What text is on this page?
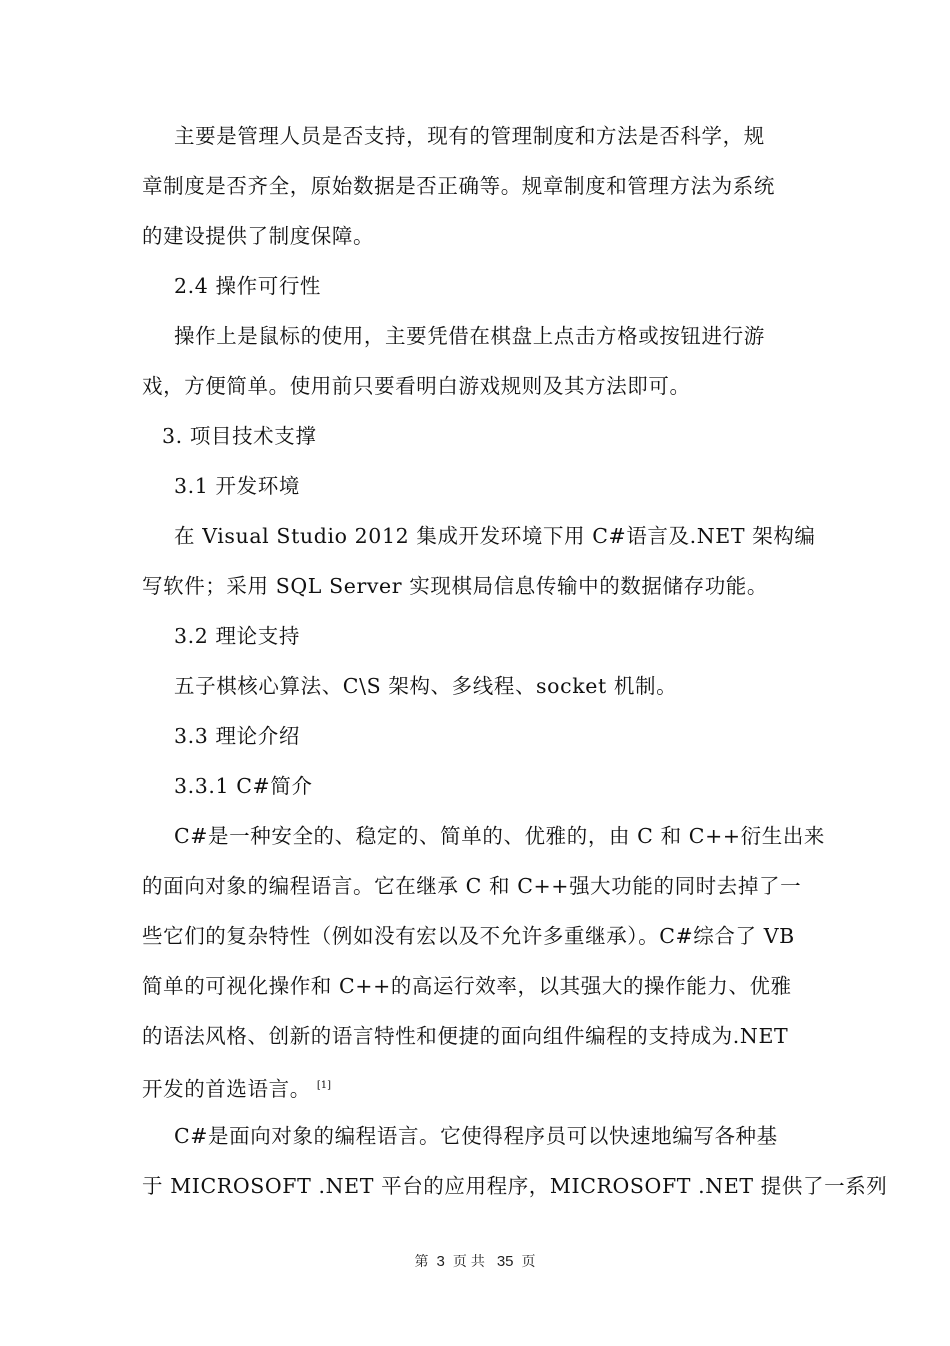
主要是管理人员是否支持，现有的管理制度和方法是否科学，规
章制度是否齐全，原始数据是否正确等。规章制度和管理方法为系统
的建设提供了制度保障。
2.4 操作可行性
操作上是鼠标的使用，主要凭借在棋盘上点击方格或按钮进行游
戏，方便简单。使用前只要看明白游戏规则及其方法即可。
3. 项目技术支撑
3.1 开发环境
在 Visual Studio 2012 集成开发环境下用 C#语言及.NET 架构编
写软件；采用 SQL Server 实现棋局信息传输中的数据储存功能。
3.2 理论支持
五子棋核心算法、C\S 架构、多线程、socket 机制。
3.3 理论介绍
3.3.1 C#简介
C#是一种安全的、稳定的、简单的、优雅的，由 C 和 C++衍生出来
的面向对象的编程语言。它在继承 C 和 C++强大功能的同时去掉了一
些它们的复杂特性（例如没有宏以及不允许多重继承）。C#综合了 VB
简单的可视化操作和 C++的高运行效率，以其强大的操作能力、优雅
的语法风格、创新的语言特性和便捷的面向组件编程的支持成为.NET
开发的首选语言。 [1]
C#是面向对象的编程语言。它使得程序员可以快速地编写各种基
于 MICROSOFT .NET 平台的应用程序，MICROSOFT .NET 提供了一系列
第 3 页 共 35 页
